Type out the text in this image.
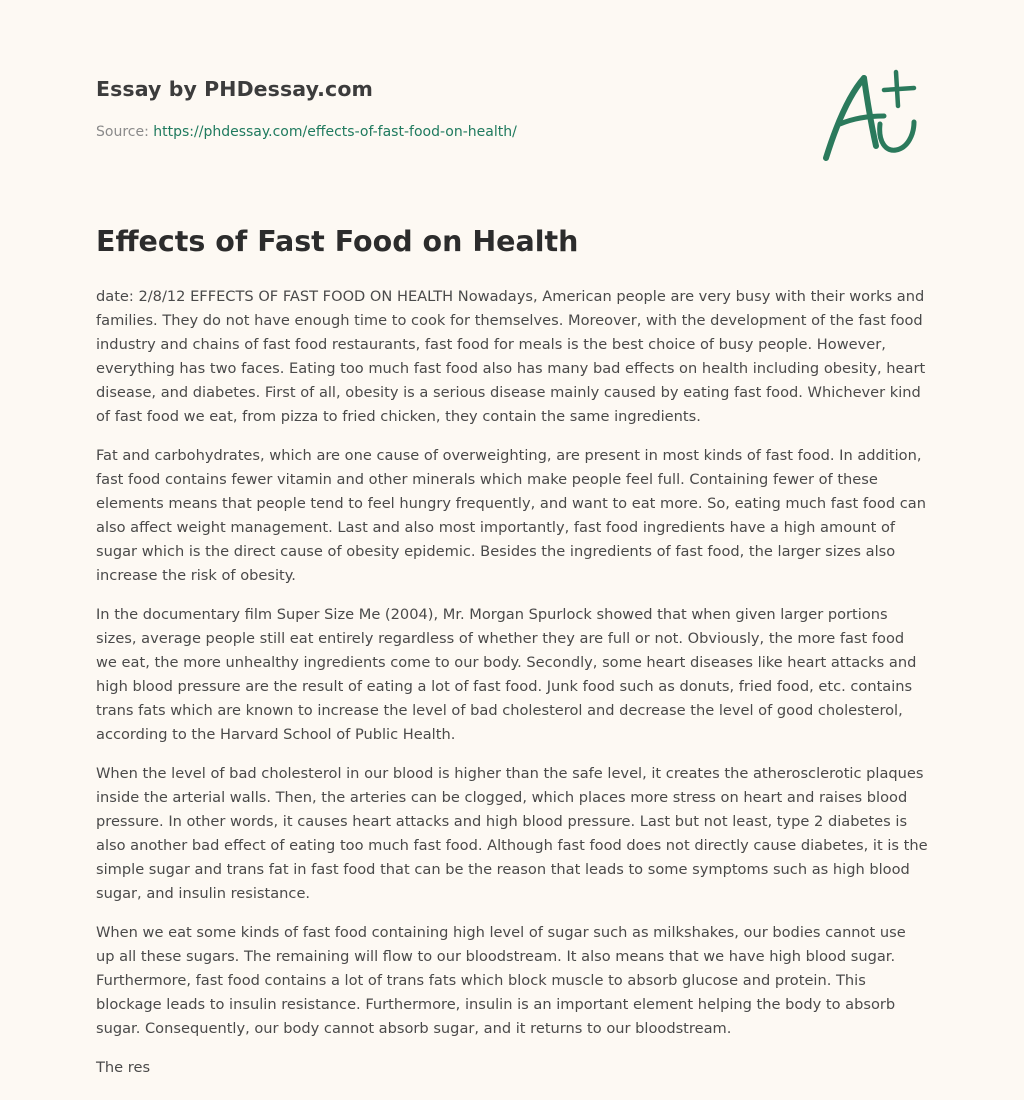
Essay by PHDessay.com

Source: https://phdessay.com/effects-of-fast-food-on-health/

Effects of Fast Food on Health

date: 2/8/12 EFFECTS OF FAST FOOD ON HEALTH Nowadays, American people are very busy with their works and families. They do not have enough time to cook for themselves. Moreover, with the development of the fast food industry and chains of fast food restaurants, fast food for meals is the best choice of busy people. However, everything has two faces. Eating too much fast food also has many bad effects on health including obesity, heart disease, and diabetes. First of all, obesity is a serious disease mainly caused by eating fast food. Whichever kind of fast food we eat, from pizza to fried chicken, they contain the same ingredients.

Fat and carbohydrates, which are one cause of overweighting, are present in most kinds of fast food. In addition, fast food contains fewer vitamin and other minerals which make people feel full. Containing fewer of these elements means that people tend to feel hungry frequently, and want to eat more. So, eating much fast food can also affect weight management. Last and also most importantly, fast food ingredients have a high amount of sugar which is the direct cause of obesity epidemic. Besides the ingredients of fast food, the larger sizes also increase the risk of obesity.

In the documentary film Super Size Me (2004), Mr. Morgan Spurlock showed that when given larger portions sizes, average people still eat entirely regardless of whether they are full or not. Obviously, the more fast food we eat, the more unhealthy ingredients come to our body. Secondly, some heart diseases like heart attacks and high blood pressure are the result of eating a lot of fast food. Junk food such as donuts, fried food, etc. contains trans fats which are known to increase the level of bad cholesterol and decrease the level of good cholesterol, according to the Harvard School of Public Health.

When the level of bad cholesterol in our blood is higher than the safe level, it creates the atherosclerotic plaques inside the arterial walls. Then, the arteries can be clogged, which places more stress on heart and raises blood pressure. In other words, it causes heart attacks and high blood pressure. Last but not least, type 2 diabetes is also another bad effect of eating too much fast food. Although fast food does not directly cause diabetes, it is the simple sugar and trans fat in fast food that can be the reason that leads to some symptoms such as high blood sugar, and insulin resistance.

When we eat some kinds of fast food containing high level of sugar such as milkshakes, our bodies cannot use up all these sugars. The remaining will flow to our bloodstream. It also means that we have high blood sugar. Furthermore, fast food contains a lot of trans fats which block muscle to absorb glucose and protein. This blockage leads to insulin resistance. Furthermore, insulin is an important element helping the body to absorb sugar. Consequently, our body cannot absorb sugar, and it returns to our bloodstream.

The res
